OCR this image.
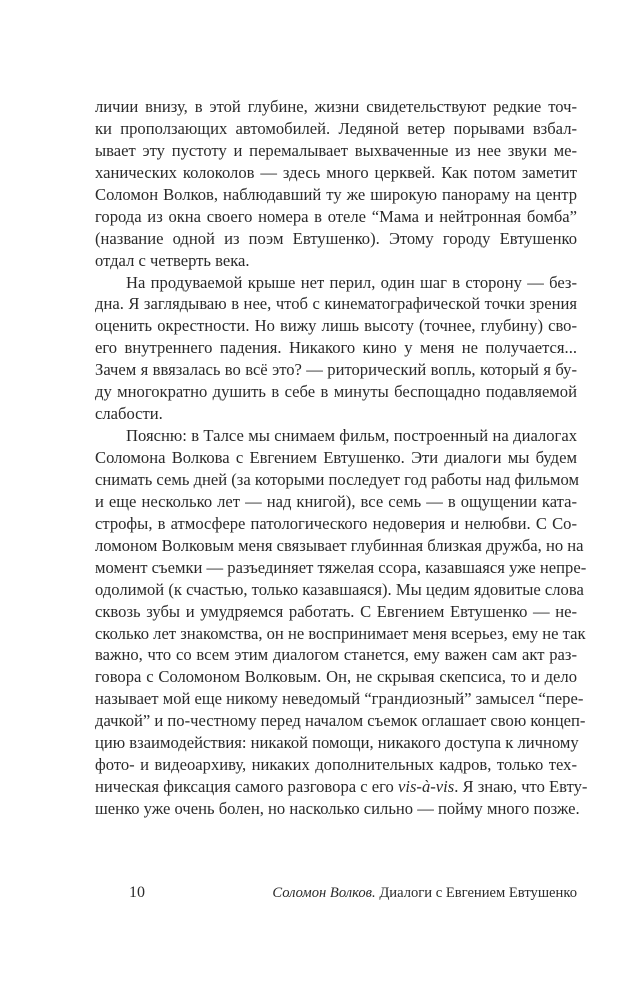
личии внизу, в этой глубине, жизни свидетельствуют редкие точ-
ки проползающих автомобилей. Ледяной ветер порывами взбал-
ывает эту пустоту и перемалывает выхваченные из нее звуки ме-
ханических колоколов — здесь много церквей. Как потом заметит
Соломон Волков, наблюдавший ту же широкую панораму на центр
города из окна своего номера в отеле “Мама и нейтронная бомба”
(название одной из поэм Евтушенко). Этому городу Евтушенко
отдал с четверть века.
На продуваемой крыше нет перил, один шаг в сторону — без-
дна. Я заглядываю в нее, чтоб с кинематографической точки зрения
оценить окрестности. Но вижу лишь высоту (точнее, глубину) сво-
его внутреннего падения. Никакого кино у меня не получается...
Зачем я ввязалась во всё это? — риторический вопль, который я бу-
ду многократно душить в себе в минуты беспощадно подавляемой
слабости.
Поясню: в Талсе мы снимаем фильм, построенный на диалогах
Соломона Волкова с Евгением Евтушенко. Эти диалоги мы будем
снимать семь дней (за которыми последует год работы над фильмом
и еще несколько лет — над книгой), все семь — в ощущении ката-
строфы, в атмосфере патологического недоверия и нелюбви. С Со-
ломоном Волковым меня связывает глубинная близкая дружба, но на
момент съемки — разъединяет тяжелая ссора, казавшаяся уже непре-
одолимой (к счастью, только казавшаяся). Мы цедим ядовитые слова
сквозь зубы и умудряемся работать. С Евгением Евтушенко — не-
сколько лет знакомства, он не воспринимает меня всерьез, ему не так
важно, что со всем этим диалогом станется, ему важен сам акт раз-
говора с Соломоном Волковым. Он, не скрывая скепсиса, то и дело
называет мой еще никому неведомый “грандиозный” замысел “пере-
дачкой” и по-честному перед началом съемок оглашает свою концеп-
цию взаимодействия: никакой помощи, никакого доступа к личному
фото- и видеоархиву, никаких дополнительных кадров, только тех-
ническая фиксация самого разговора с его vis-à-vis. Я знаю, что Евту-
шенко уже очень болен, но насколько сильно — пойму много позже.
10	Соломон Волков. Диалоги с Евгением Евтушенко
